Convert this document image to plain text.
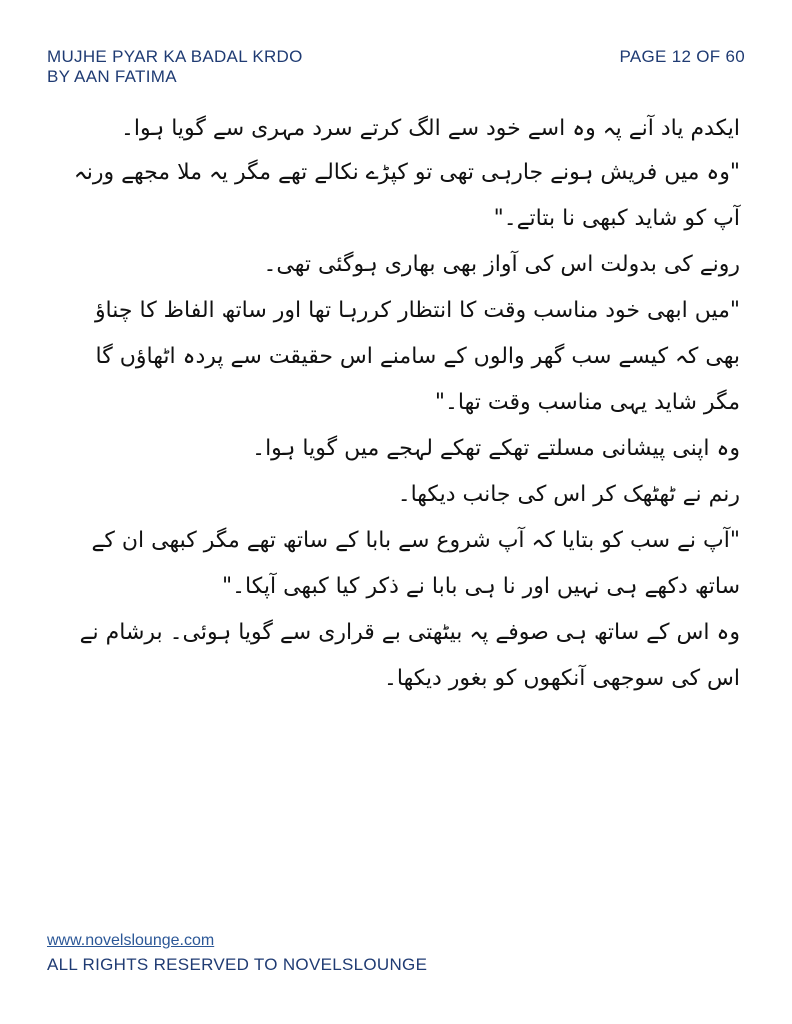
MUJHE PYAR KA BADAL KRDO
BY AAN FATIMA
PAGE 12 OF 60

ایکدم یاد آنے پہ وہ اسے خود سے الگ کرتے سرد مہری سے گویا ہوا۔

"وہ میں فریش ہونے جارہی تھی تو کپڑے نکالے تھے مگر یہ ملا مجھے ورنہ آپ کو شاید کبھی نا بتاتے۔"

رونے کی بدولت اس کی آواز بھی بھاری ہوگئی تھی۔

"میں ابھی خود مناسب وقت کا انتظار کررہا تھا اور ساتھ الفاظ کا چناؤ بھی کہ کیسے سب گھر والوں کے سامنے اس حقیقت سے پردہ اٹھاؤں گا مگر شاید یہی مناسب وقت تھا۔"

وہ اپنی پیشانی مسلتے تھکے تھکے لہجے میں گویا ہوا۔

رنم نے ٹھٹھک کر اس کی جانب دیکھا۔

"آپ نے سب کو بتایا کہ آپ شروع سے بابا کے ساتھ تھے مگر کبھی ان کے ساتھ دکھے ہی نہیں اور نا ہی بابا نے ذکر کیا کبھی آپکا۔"

وہ اس کے ساتھ ہی صوفے پہ بیٹھتی بے قراری سے گویا ہوئی۔ برشام نے اس کی سوجھی آنکھوں کو بغور دیکھا۔

www.novelslounge.com
ALL RIGHTS RESERVED TO NOVELSLOUNGE
